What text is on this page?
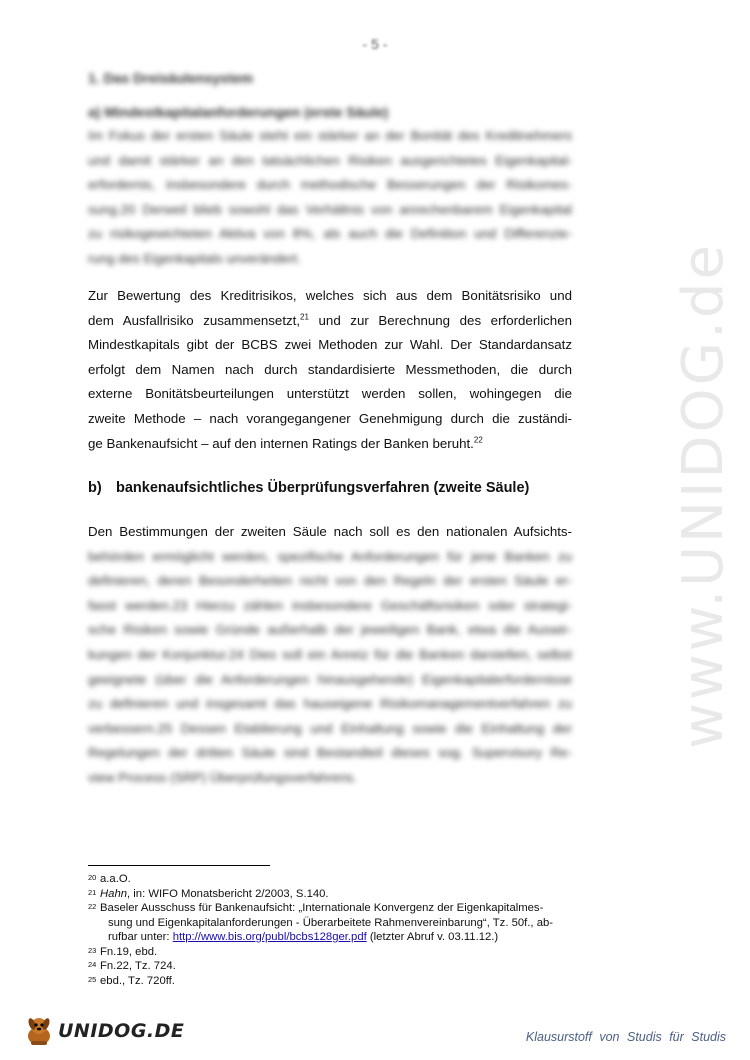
www.UNIDOG.de
- 5 -
1. Das Dreisäulensystem
a) Mindestkapitalanforderungen (erste Säule)
Im Fokus der ersten Säule steht ein stärker an der Bonität des Kreditnehmers
und damit stärker an den tatsächlichen Risiken ausgerichtetes Eigenkapital-
erfordernis, insbesondere durch methodische Besserungen der Risikomes-
sung.20 Derweil blieb sowohl das Verhältnis von anrechenbarem Eigenkapital
zu risikogewichteten Aktiva von 8%, als auch die Definition und Differenzie-
rung des Eigenkapitals unverändert.
Zur Bewertung des Kreditrisikos, welches sich aus dem Bonitätsrisiko und
dem Ausfallrisiko zusammensetzt,$^{21}$ und zur Berechnung des erforderlichen
Mindestkapitals gibt der BCBS zwei Methoden zur Wahl. Der Standardansatz
erfolgt dem Namen nach durch standardisierte Messmethoden, die durch
externe Bonitätsbeurteilungen unterstützt werden sollen, wohingegen die
zweite Methode – nach vorangegangener Genehmigung durch die zuständi-
ge Bankenaufsicht – auf den internen Ratings der Banken beruht.$^{22}$
b) bankenaufsichtliches Überprüfungsverfahren (zweite Säule)
Den Bestimmungen der zweiten Säule nach soll es den nationalen Aufsichts-
behörden ermöglicht werden, spezifische Anforderungen für jene Banken zu
definieren, deren Besonderheiten nicht von den Regeln der ersten Säule er-
fasst werden.23 Hierzu zählen insbesondere Geschäftsrisiken oder strategi-
sche Risiken sowie Gründe außerhalb der jeweiligen Bank, etwa die Auswir-
kungen der Konjunktur.24 Dies soll ein Anreiz für die Banken darstellen, selbst
geeignete (über die Anforderungen hinausgehende) Eigenkapitalerfordernisse
zu definieren und insgesamt das hauseigene Risikomanagementverfahren zu
verbessern.25 Dessen Etablierung und Einhaltung sowie die Einhaltung der
Regelungen der dritten Säule sind Bestandteil dieses sog. Supervisory Re-
view Process (SRP) Überprüfungsverfahrens.
20 a.a.O.
21 Hahn, in: WIFO Monatsbericht 2/2003, S.140.
22 Baseler Ausschuss für Bankenaufsicht: „Internationale Konvergenz der Eigenkapitalmes-
sung und Eigenkapitalanforderungen - Überarbeitete Rahmenvereinbarung“, Tz. 50f., ab-
rufbar unter: http://www.bis.org/publ/bcbs128ger.pdf (letzter Abruf v. 03.11.12.)
23 Fn.19, ebd.
24 Fn.22, Tz. 724.
25 ebd., Tz. 720ff.
UNIDOG.DE	Klausurstoff von Studis für Studis
